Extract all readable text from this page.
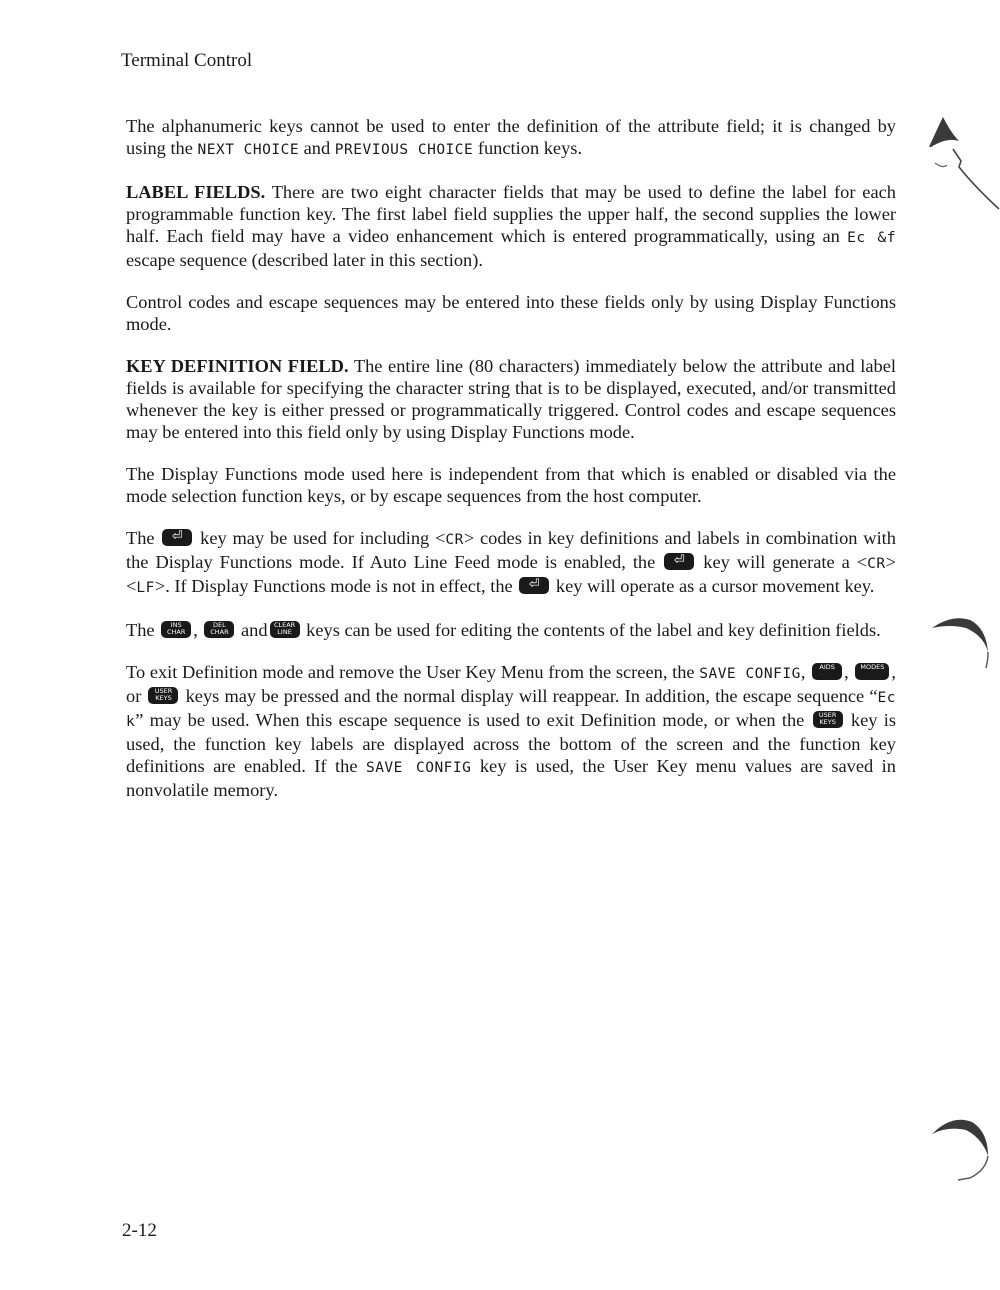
Terminal Control

The alphanumeric keys cannot be used to enter the definition of the attribute field; it is changed by using the NEXT CHOICE and PREVIOUS CHOICE function keys.

LABEL FIELDS. There are two eight character fields that may be used to define the label for each programmable function key. The first label field supplies the upper half, the second supplies the lower half. Each field may have a video enhancement which is entered programmatically, using an Ec &f escape sequence (described later in this section).

Control codes and escape sequences may be entered into these fields only by using Display Functions mode.

KEY DEFINITION FIELD. The entire line (80 characters) immediately below the attribute and label fields is available for specifying the character string that is to be displayed, executed, and/or transmitted whenever the key is either pressed or programmatically triggered. Control codes and escape sequences may be entered into this field only by using Display Functions mode.

The Display Functions mode used here is independent from that which is enabled or disabled via the mode selection function keys, or by escape sequences from the host computer.

The ⏎ key may be used for including <CR> codes in key definitions and labels in combination with the Display Functions mode. If Auto Line Feed mode is enabled, the ⏎ key will generate a <CR><LF>. If Display Functions mode is not in effect, the ⏎ key will operate as a cursor movement key.

The INS CHAR , DEL CHAR and CLEAR LINE keys can be used for editing the contents of the label and key definition fields.

To exit Definition mode and remove the User Key Menu from the screen, the SAVE CONFIG, AIDS , MODES , or USER KEYS keys may be pressed and the normal display will reappear. In addition, the escape sequence “Ec k” may be used. When this escape sequence is used to exit Definition mode, or when the USER KEYS key is used, the function key labels are displayed across the bottom of the screen and the function key definitions are enabled. If the SAVE CONFIG key is used, the User Key menu values are saved in nonvolatile memory.

2-12
